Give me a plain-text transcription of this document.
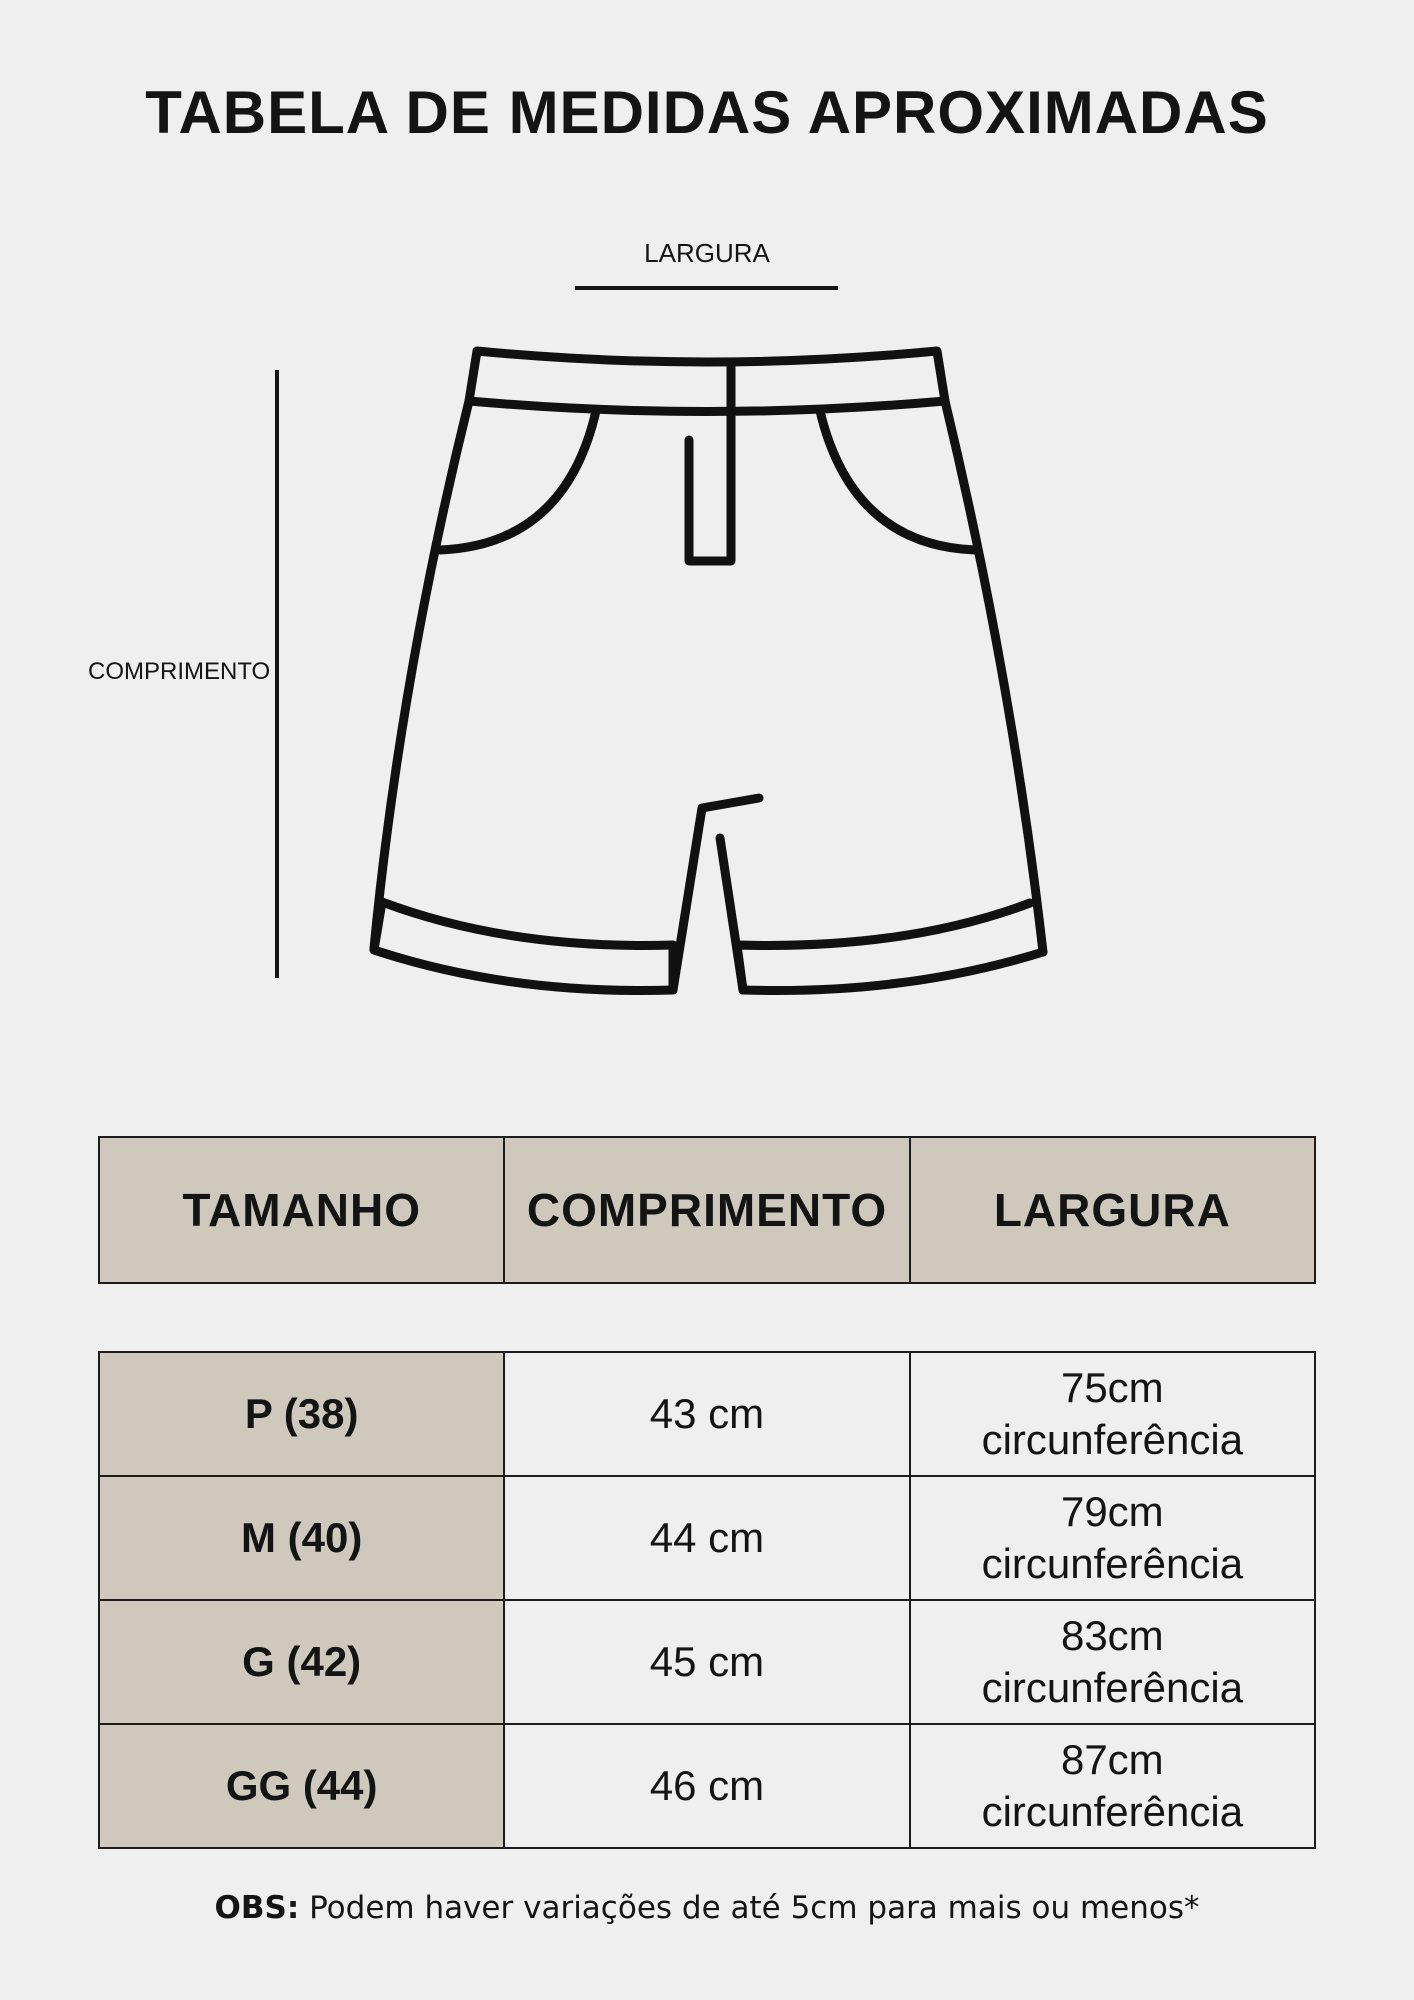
TABELA DE MEDIDAS APROXIMADAS
LARGURA
COMPRIMENTO
TAMANHO	COMPRIMENTO	LARGURA
P (38)	43 cm	75cm
circunferência

M (40)	44 cm	79cm
circunferência

G (42)	45 cm	83cm
circunferência

GG (44)	46 cm	87cm
circunferência

OBS: Podem haver variações de até 5cm para mais ou menos*
